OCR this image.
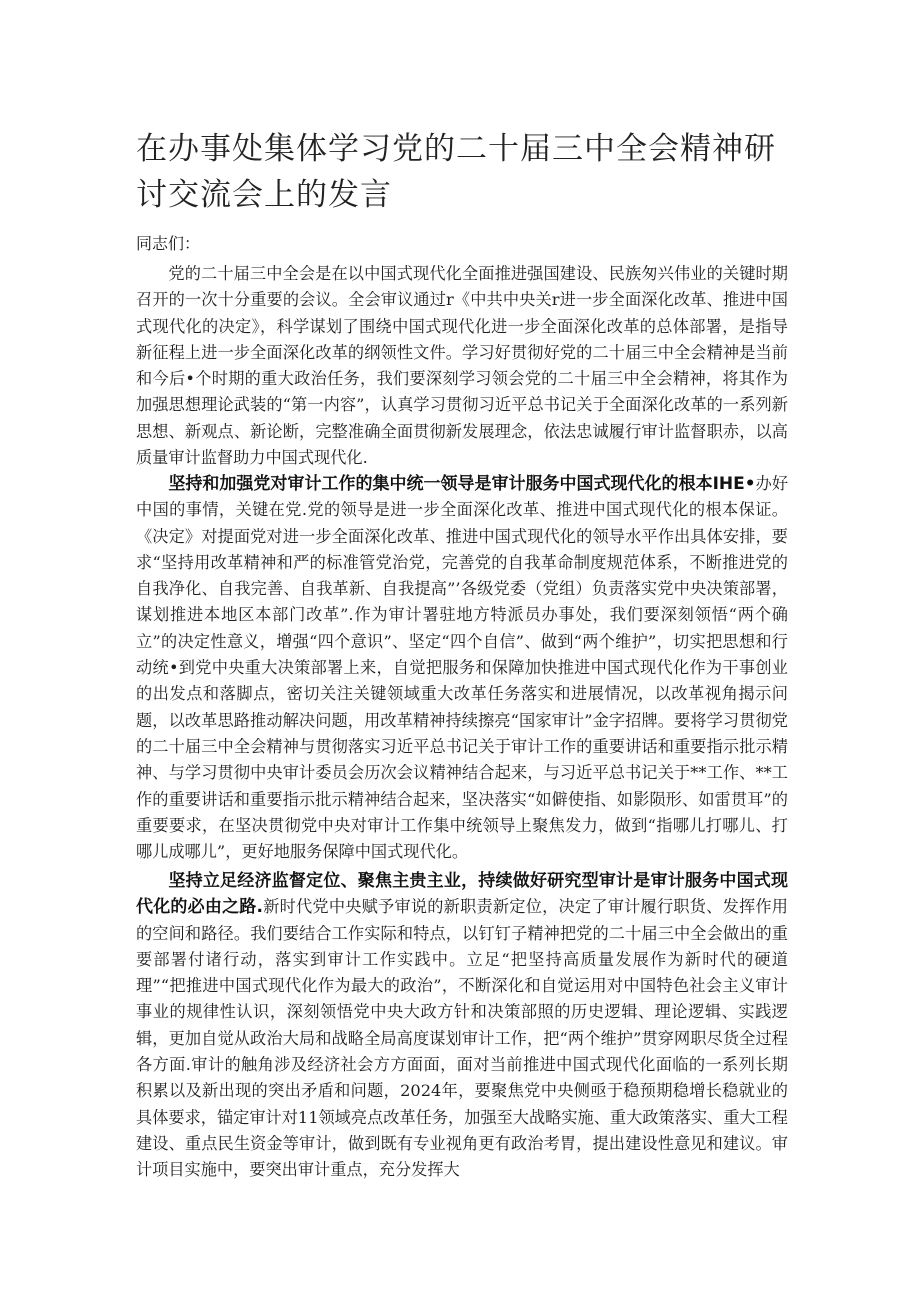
在办事处集体学习党的二十届三中全会精神研讨交流会上的发言

同志们：

党的二十届三中全会是在以中国式现代化全面推进强国建设、民族匆兴伟业的关键时期召开的一次十分重要的会议。全会审议通过r《中共中央关r进一步全面深化改革、推进中国式现代化的决定》，科学谋划了围绕中国式现代化进一步全面深化改革的总体部署，是指导新征程上进一步全面深化改革的纲领性文件。学习好贯彻好党的二十届三中全会精神是当前和今后•个时期的重大政治任务，我们要深刻学习领会党的二十届三中全会精神，将其作为加强思想理论武装的“第一内容”，认真学习贯彻习近平总书记关于全面深化改革的一系列新思想、新观点、新论断，完整准确全面贯彻新发展理念，依法忠诚履行审计监督职赤，以高质量审计监督助力中国式现代化.

坚持和加强党对审计工作的集中统一领导是审计服务中国式现代化的根本IHE•办好中国的事情，关键在党.党的领导是进一步全面深化改革、推进中国式现代化的根本保证。《决定》对提面党对进一步全面深化改革、推进中国式现代化的领导水平作出具体安排，要求“坚持用改革精神和严的标准管党治党，完善党的自我革命制度规范体系，不断推进党的自我净化、自我完善、自我革新、自我提高”’各级党委（党组）负责落实党中央决策部署，谋划推进本地区本部门改革”.作为审计署驻地方特派员办事处，我们要深刻领悟“两个确立”的决定性意义，增强“四个意识”、坚定“四个自信”、做到“两个维护”，切实把思想和行动统•到党中央重大决策部署上来，自觉把服务和保障加快推进中国式现代化作为干事创业的出发点和落脚点，密切关注关键领域重大改革任务落实和进展情况，以改革视角揭示问题，以改革思路推动解决问题，用改革精神持续擦亮“国家审计”金字招牌。要将学习贯彻党的二十届三中全会精神与贯彻落实习近平总书记关于审计工作的重要讲话和重要指示批示精神、与学习贯彻中央审计委员会历次会议精神结合起来，与习近平总书记关于**工作、**工作的重要讲话和重要指示批示精神结合起来，坚决落实“如僻使指、如影陨形、如雷贯耳”的重要要求，在坚决贯彻党中央对审计工作集中统领导上聚焦发力，做到“指哪儿打哪儿、打哪儿成哪儿”，更好地服务保障中国式现代化。

坚持立足经济监督定位、聚焦主贵主业，持续做好研究型审计是审计服务中国式现代化的必由之路.新时代党中央赋予审说的新职责新定位，决定了审计履行职货、发挥作用的空间和路径。我们要结合工作实际和特点，以钉钉子精神把党的二十届三中全会做出的重要部署付诸行动，落实到审计工作实践中。立足“把坚持高质量发展作为新时代的硬道理”“把推进中国式现代化作为最大的政治”，不断深化和自觉运用对中国特色社会主义审计事业的规律性认识，深刻领悟党中央大政方针和决策部照的历史逻辑、理论逻辑、实践逻辑，更加自觉从政治大局和战略全局高度谋划审计工作，把“两个维护”贯穿网职尽货全过程各方面.审计的触角涉及经济社会方方面面，面对当前推进中国式现代化面临的一系列长期积累以及新出现的突出矛盾和问题，2024年，要聚焦党中央侧亟于稳预期稳增长稳就业的具体要求，锚定审计对11领域亮点改革任务，加强至大战略实施、重大政策落实、重大工程建设、重点民生资金等审计，做到既有专业视角更有政治考胃，提出建设性意见和建议。审计项目实施中，要突出审计重点，充分发挥大
